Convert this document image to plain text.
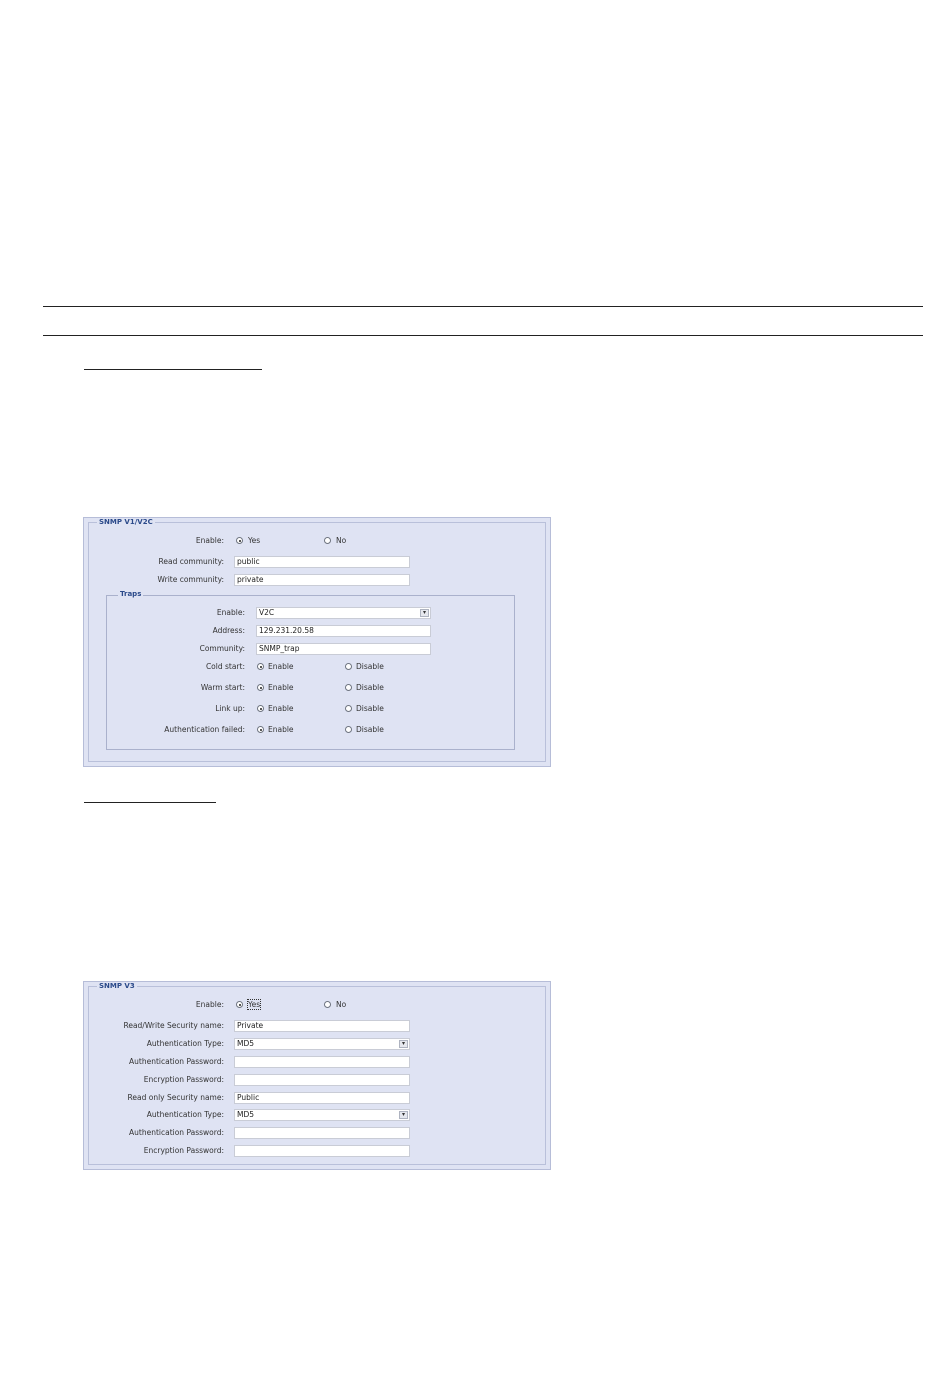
SNMP V1/V2C
Enable:	Yes	No
Read community:	public
Write community:	private
Traps
Enable:	V2C	▾
Address:	129.231.20.58
Community:	SNMP_trap
Cold start:	Enable	Disable
Warm start:	Enable	Disable
Link up:	Enable	Disable
Authentication failed:	Enable	Disable
SNMP V3
Enable:	Yes	No
Read/Write Security name:	Private
Authentication Type:	MD5	▾
Authentication Password:
Encryption Password:
Read only Security name:	Public
Authentication Type:	MD5	▾
Authentication Password:
Encryption Password:
